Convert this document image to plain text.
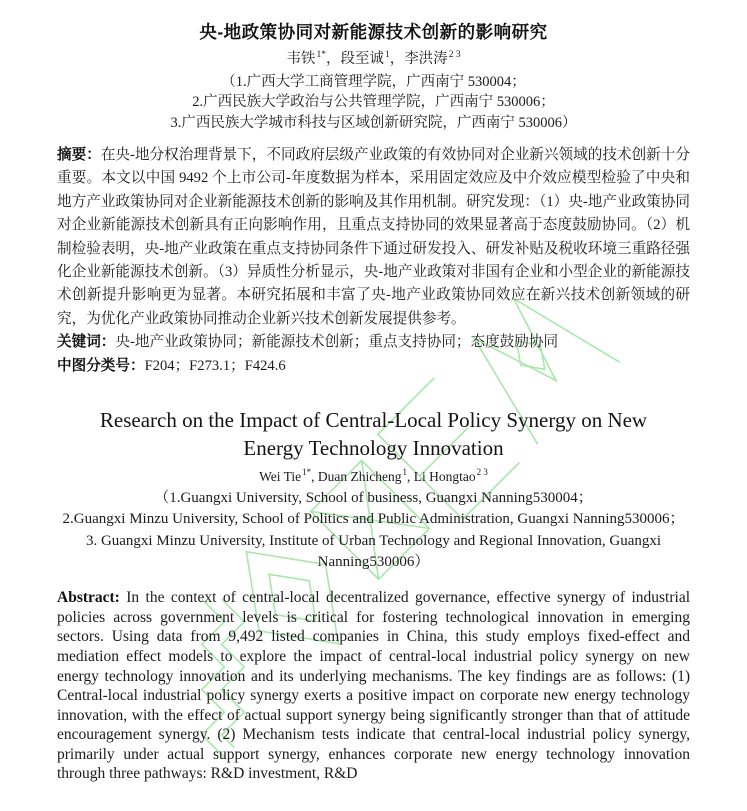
央-地政策协同对新能源技术创新的影响研究
韦铁$^{1*}$，段至诚$^1$，李洪涛$^{2 3}$
（1.广西大学工商管理学院，广西南宁 530004；
2.广西民族大学政治与公共管理学院，广西南宁 530006；
3.广西民族大学城市科技与区域创新研究院，广西南宁 530006）
摘要：在央-地分权治理背景下，不同政府层级产业政策的有效协同对企业新兴领域的技术创新十分重要。本文以中国 9492 个上市公司-年度数据为样本，采用固定效应及中介效应模型检验了中央和地方产业政策协同对企业新能源技术创新的影响及其作用机制。研究发现：（1）央-地产业政策协同对企业新能源技术创新具有正向影响作用，且重点支持协同的效果显著高于态度鼓励协同。（2）机制检验表明，央-地产业政策在重点支持协同条件下通过研发投入、研发补贴及税收环境三重路径强化企业新能源技术创新。（3）异质性分析显示，央-地产业政策对非国有企业和小型企业的新能源技术创新提升影响更为显著。本研究拓展和丰富了央-地产业政策协同效应在新兴技术创新领域的研究，为优化产业政策协同推动企业新兴技术创新发展提供参考。
关键词：央-地产业政策协同；新能源技术创新；重点支持协同；态度鼓励协同
中图分类号：F204；F273.1；F424.6
Research on the Impact of Central-Local Policy Synergy on New Energy Technology Innovation
Wei Tie$^{1*}$, Duan Zhicheng$^1$, Li Hongtao$^{2 3}$
（1.Guangxi University, School of business, Guangxi Nanning530004；
2.Guangxi Minzu University, School of Politics and Public Administration, Guangxi Nanning530006；
3. Guangxi Minzu University, Institute of Urban Technology and Regional Innovation, Guangxi Nanning530006）
Abstract: In the context of central-local decentralized governance, effective synergy of industrial policies across government levels is critical for fostering technological innovation in emerging sectors. Using data from 9,492 listed companies in China, this study employs fixed-effect and mediation effect models to explore the impact of central-local industrial policy synergy on new energy technology innovation and its underlying mechanisms. The key findings are as follows: (1) Central-local industrial policy synergy exerts a positive impact on corporate new energy technology innovation, with the effect of actual support synergy being significantly stronger than that of attitude encouragement synergy. (2) Mechanism tests indicate that central-local industrial policy synergy, primarily under actual support synergy, enhances corporate new energy technology innovation through three pathways: R&D investment, R&D
